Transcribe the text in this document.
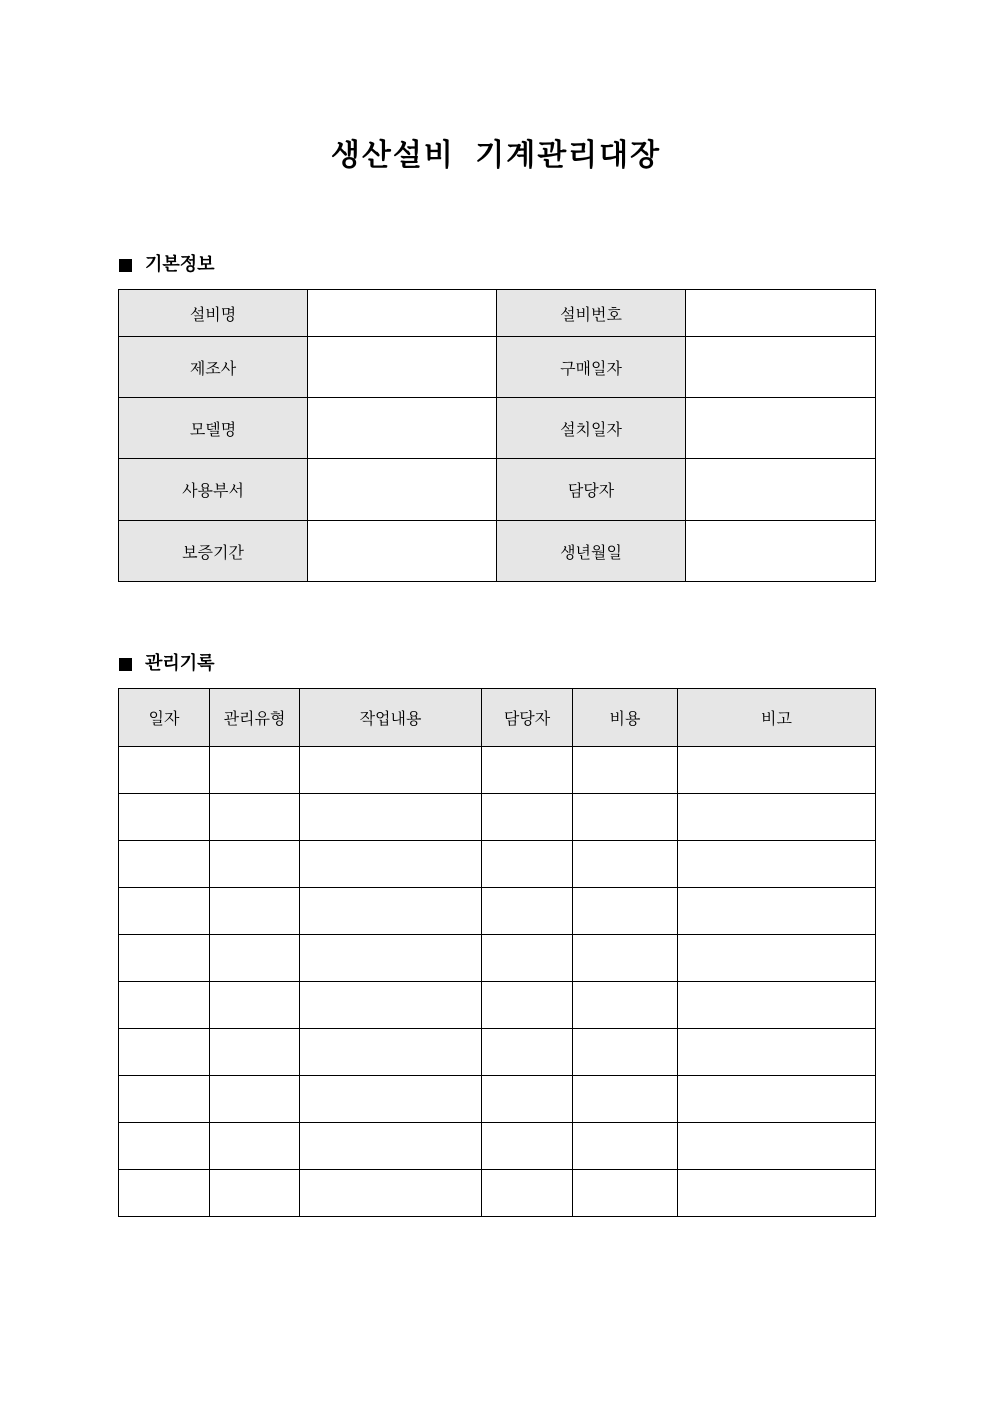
생산설비 기계관리대장
기본정보
설비명		설비번호	
제조사		구매일자	
모델명		설치일자	
사용부서		담당자	
보증기간		생년월일	
관리기록
일자	관리유형	작업내용	담당자	비용	비고
